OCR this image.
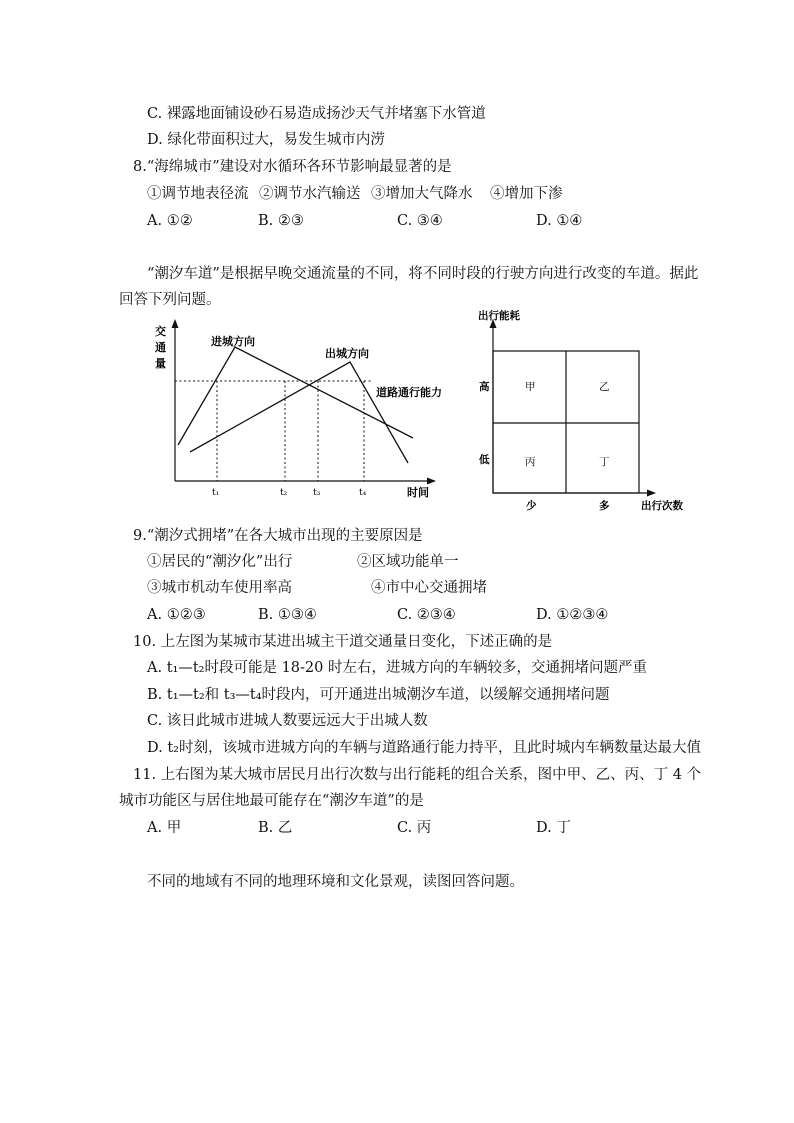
C. 裸露地面铺设砂石易造成扬沙天气并堵塞下水管道
D. 绿化带面积过大，易发生城市内涝
8.“海绵城市”建设对水循环各环节影响最显著的是
①调节地表径流 ②调节水汽输送 ③增加大气降水 ④增加下渗
A. ①②	B. ②③	C. ③④	D. ①④
“潮汐车道”是根据早晚交通流量的不同，将不同时段的行驶方向进行改变的车道。据此
回答下列问题。
交
通
量
道路通行能力
进城方向
出城方向
t₁	t₂	t₃	t₄	时间
出行能耗
甲	乙
丙	丁
高
低
少	多	出行次数
9.“潮汐式拥堵”在各大城市出现的主要原因是
①居民的“潮汐化”出行	②区域功能单一
③城市机动车使用率高	④市中心交通拥堵
A. ①②③	B. ①③④	C. ②③④	D. ①②③④
10. 上左图为某城市某进出城主干道交通量日变化，下述正确的是
A. t₁—t₂时段可能是 18-20 时左右，进城方向的车辆较多，交通拥堵问题严重
B. t₁—t₂和 t₃—t₄时段内，可开通进出城潮汐车道，以缓解交通拥堵问题
C. 该日此城市进城人数要远远大于出城人数
D. t₂时刻，该城市进城方向的车辆与道路通行能力持平，且此时城内车辆数量达最大值
11. 上右图为某大城市居民月出行次数与出行能耗的组合关系，图中甲、乙、丙、丁 4 个
城市功能区与居住地最可能存在“潮汐车道”的是
A. 甲	B. 乙	C. 丙	D. 丁
不同的地域有不同的地理环境和文化景观，读图回答问题。
